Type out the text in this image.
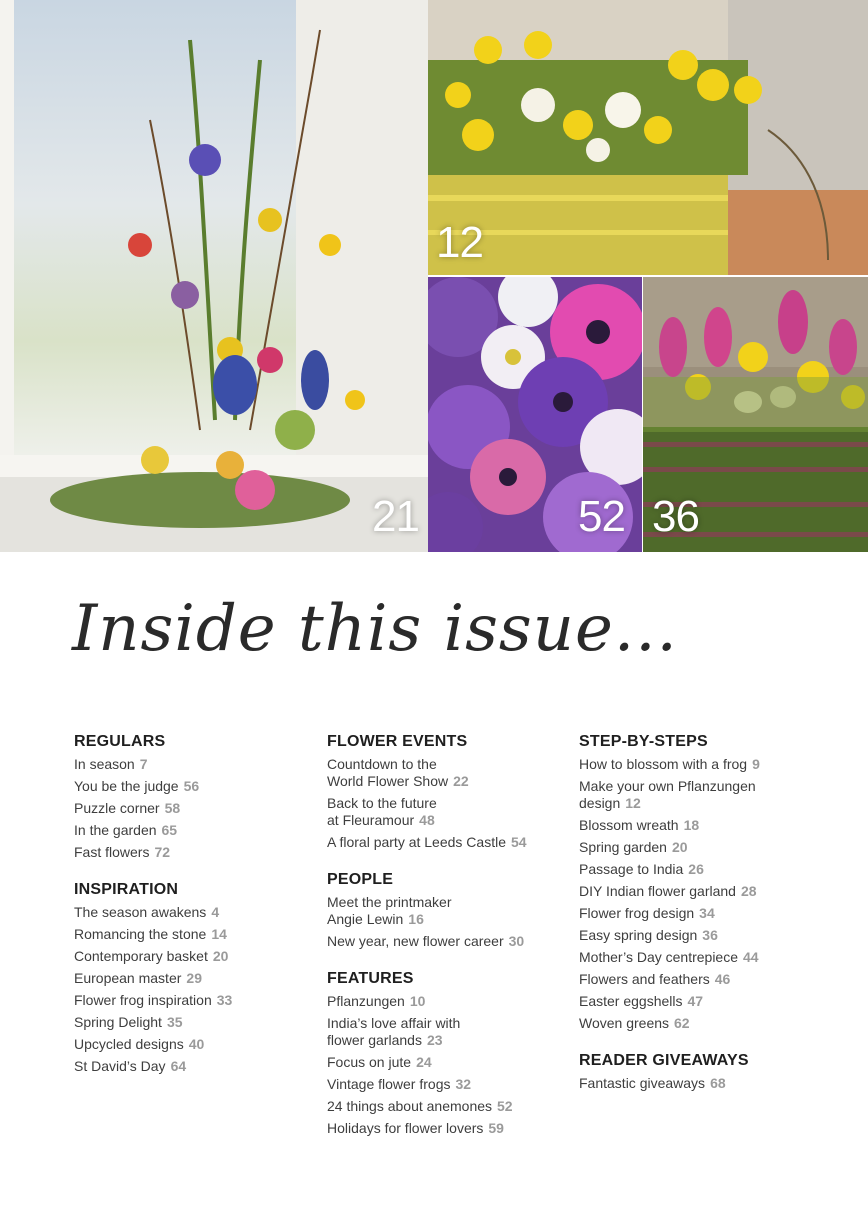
21
12
52 36
Inside this issue...
REGULARS
In season 7
You be the judge 56
Puzzle corner 58
In the garden 65
Fast flowers 72
INSPIRATION
The season awakens 4
Romancing the stone 14
Contemporary basket 20
European master 29
Flower frog inspiration 33
Spring Delight 35
Upcycled designs 40
St David’s Day 64
FLOWER EVENTS
Countdown to the
World Flower Show 22
Back to the future
at Fleuramour 48
A floral party at Leeds Castle 54
PEOPLE
Meet the printmaker
Angie Lewin 16
New year, new flower career 30
FEATURES
Pflanzungen 10
India’s love affair with
flower garlands 23
Focus on jute 24
Vintage flower frogs 32
24 things about anemones 52
Holidays for flower lovers 59
STEP-BY-STEPS
How to blossom with a frog 9
Make your own Pflanzungen
design 12
Blossom wreath 18
Spring garden 20
Passage to India 26
DIY Indian flower garland 28
Flower frog design 34
Easy spring design 36
Mother’s Day centrepiece 44
Flowers and feathers 46
Easter eggshells 47
Woven greens 62
READER GIVEAWAYS
Fantastic giveaways 68
